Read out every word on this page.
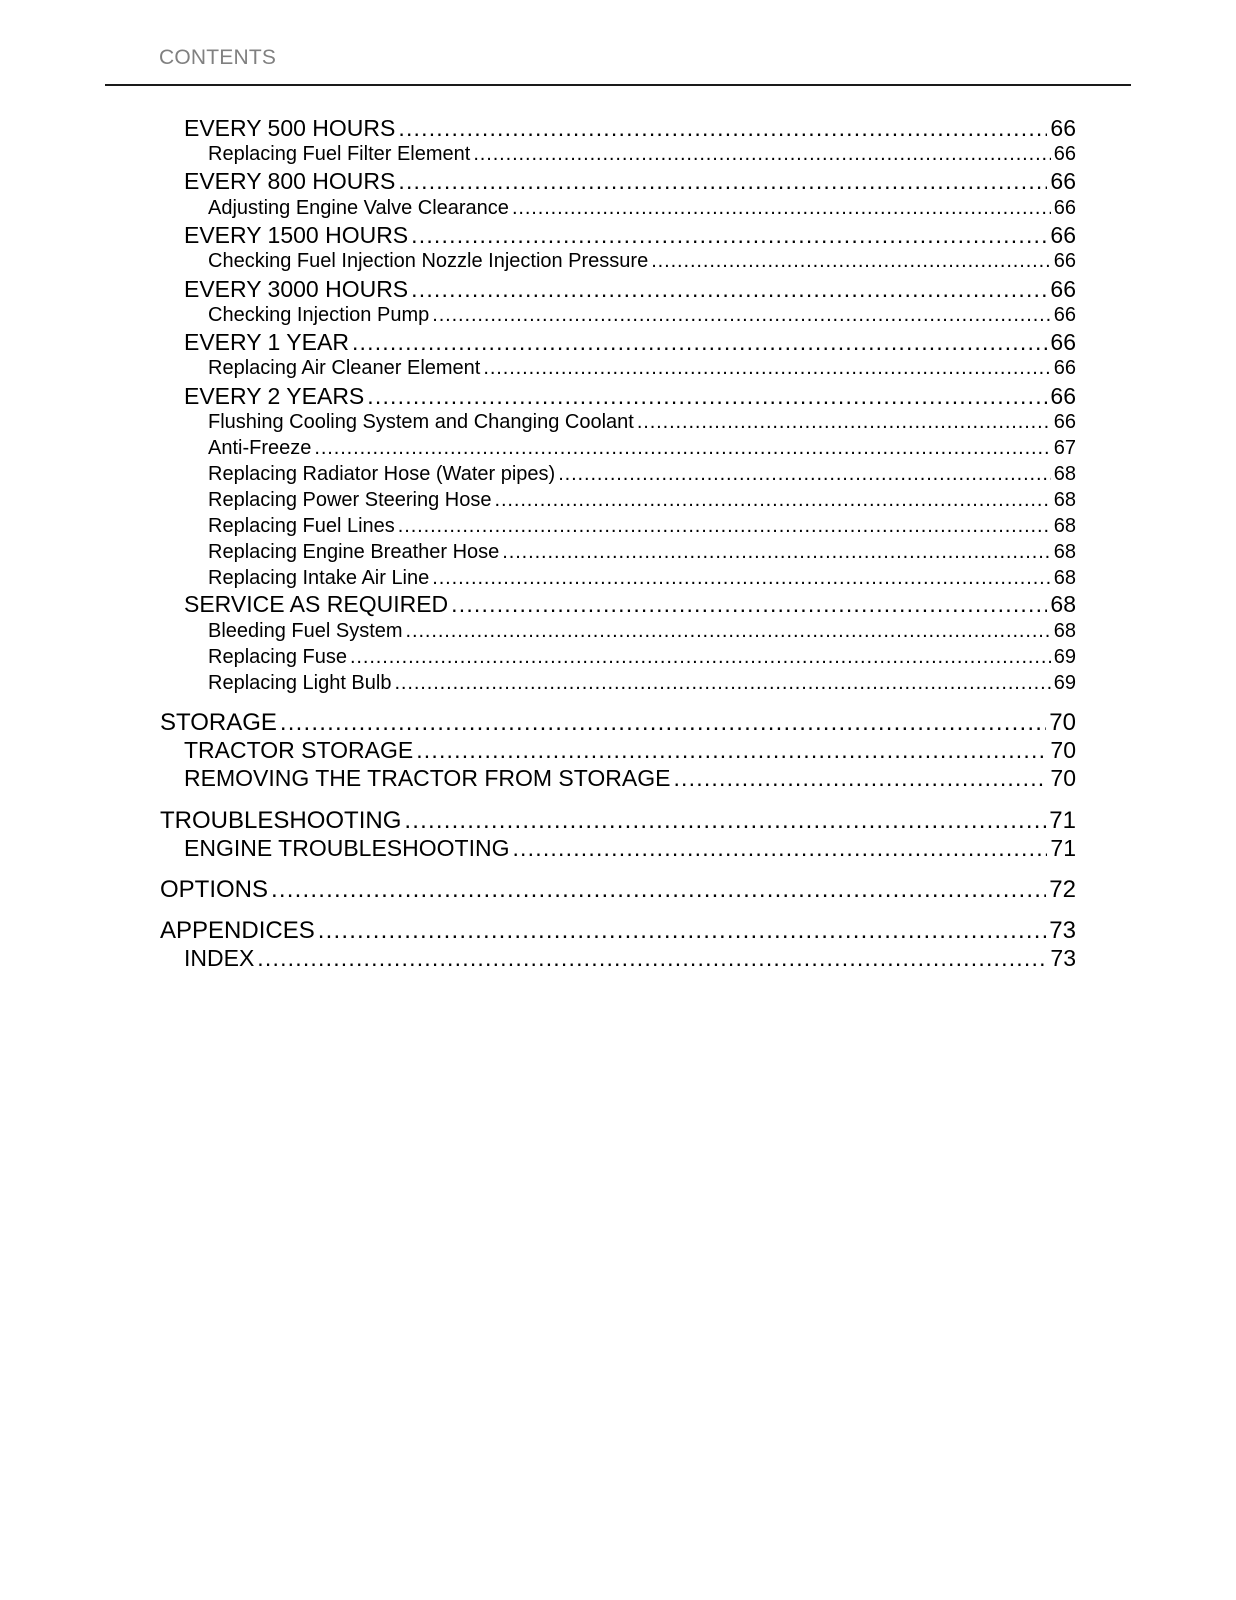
CONTENTS
EVERY 500 HOURS .....	66
Replacing Fuel Filter Element .....	66
EVERY 800 HOURS .....	66
Adjusting Engine Valve Clearance .....	66
EVERY 1500 HOURS .....	66
Checking Fuel Injection Nozzle Injection Pressure .....	66
EVERY 3000 HOURS .....	66
Checking Injection Pump .....	66
EVERY 1 YEAR .....	66
Replacing Air Cleaner Element .....	66
EVERY 2 YEARS .....	66
Flushing Cooling System and Changing Coolant .....	66
Anti-Freeze .....	67
Replacing Radiator Hose (Water pipes) .....	68
Replacing Power Steering Hose .....	68
Replacing Fuel Lines .....	68
Replacing Engine Breather Hose .....	68
Replacing Intake Air Line .....	68
SERVICE AS REQUIRED .....	68
Bleeding Fuel System .....	68
Replacing Fuse .....	69
Replacing Light Bulb .....	69
STORAGE .....	70
TRACTOR STORAGE .....	70
REMOVING THE TRACTOR FROM STORAGE .....	70
TROUBLESHOOTING .....	71
ENGINE TROUBLESHOOTING .....	71
OPTIONS .....	72
APPENDICES .....	73
INDEX .....	73
